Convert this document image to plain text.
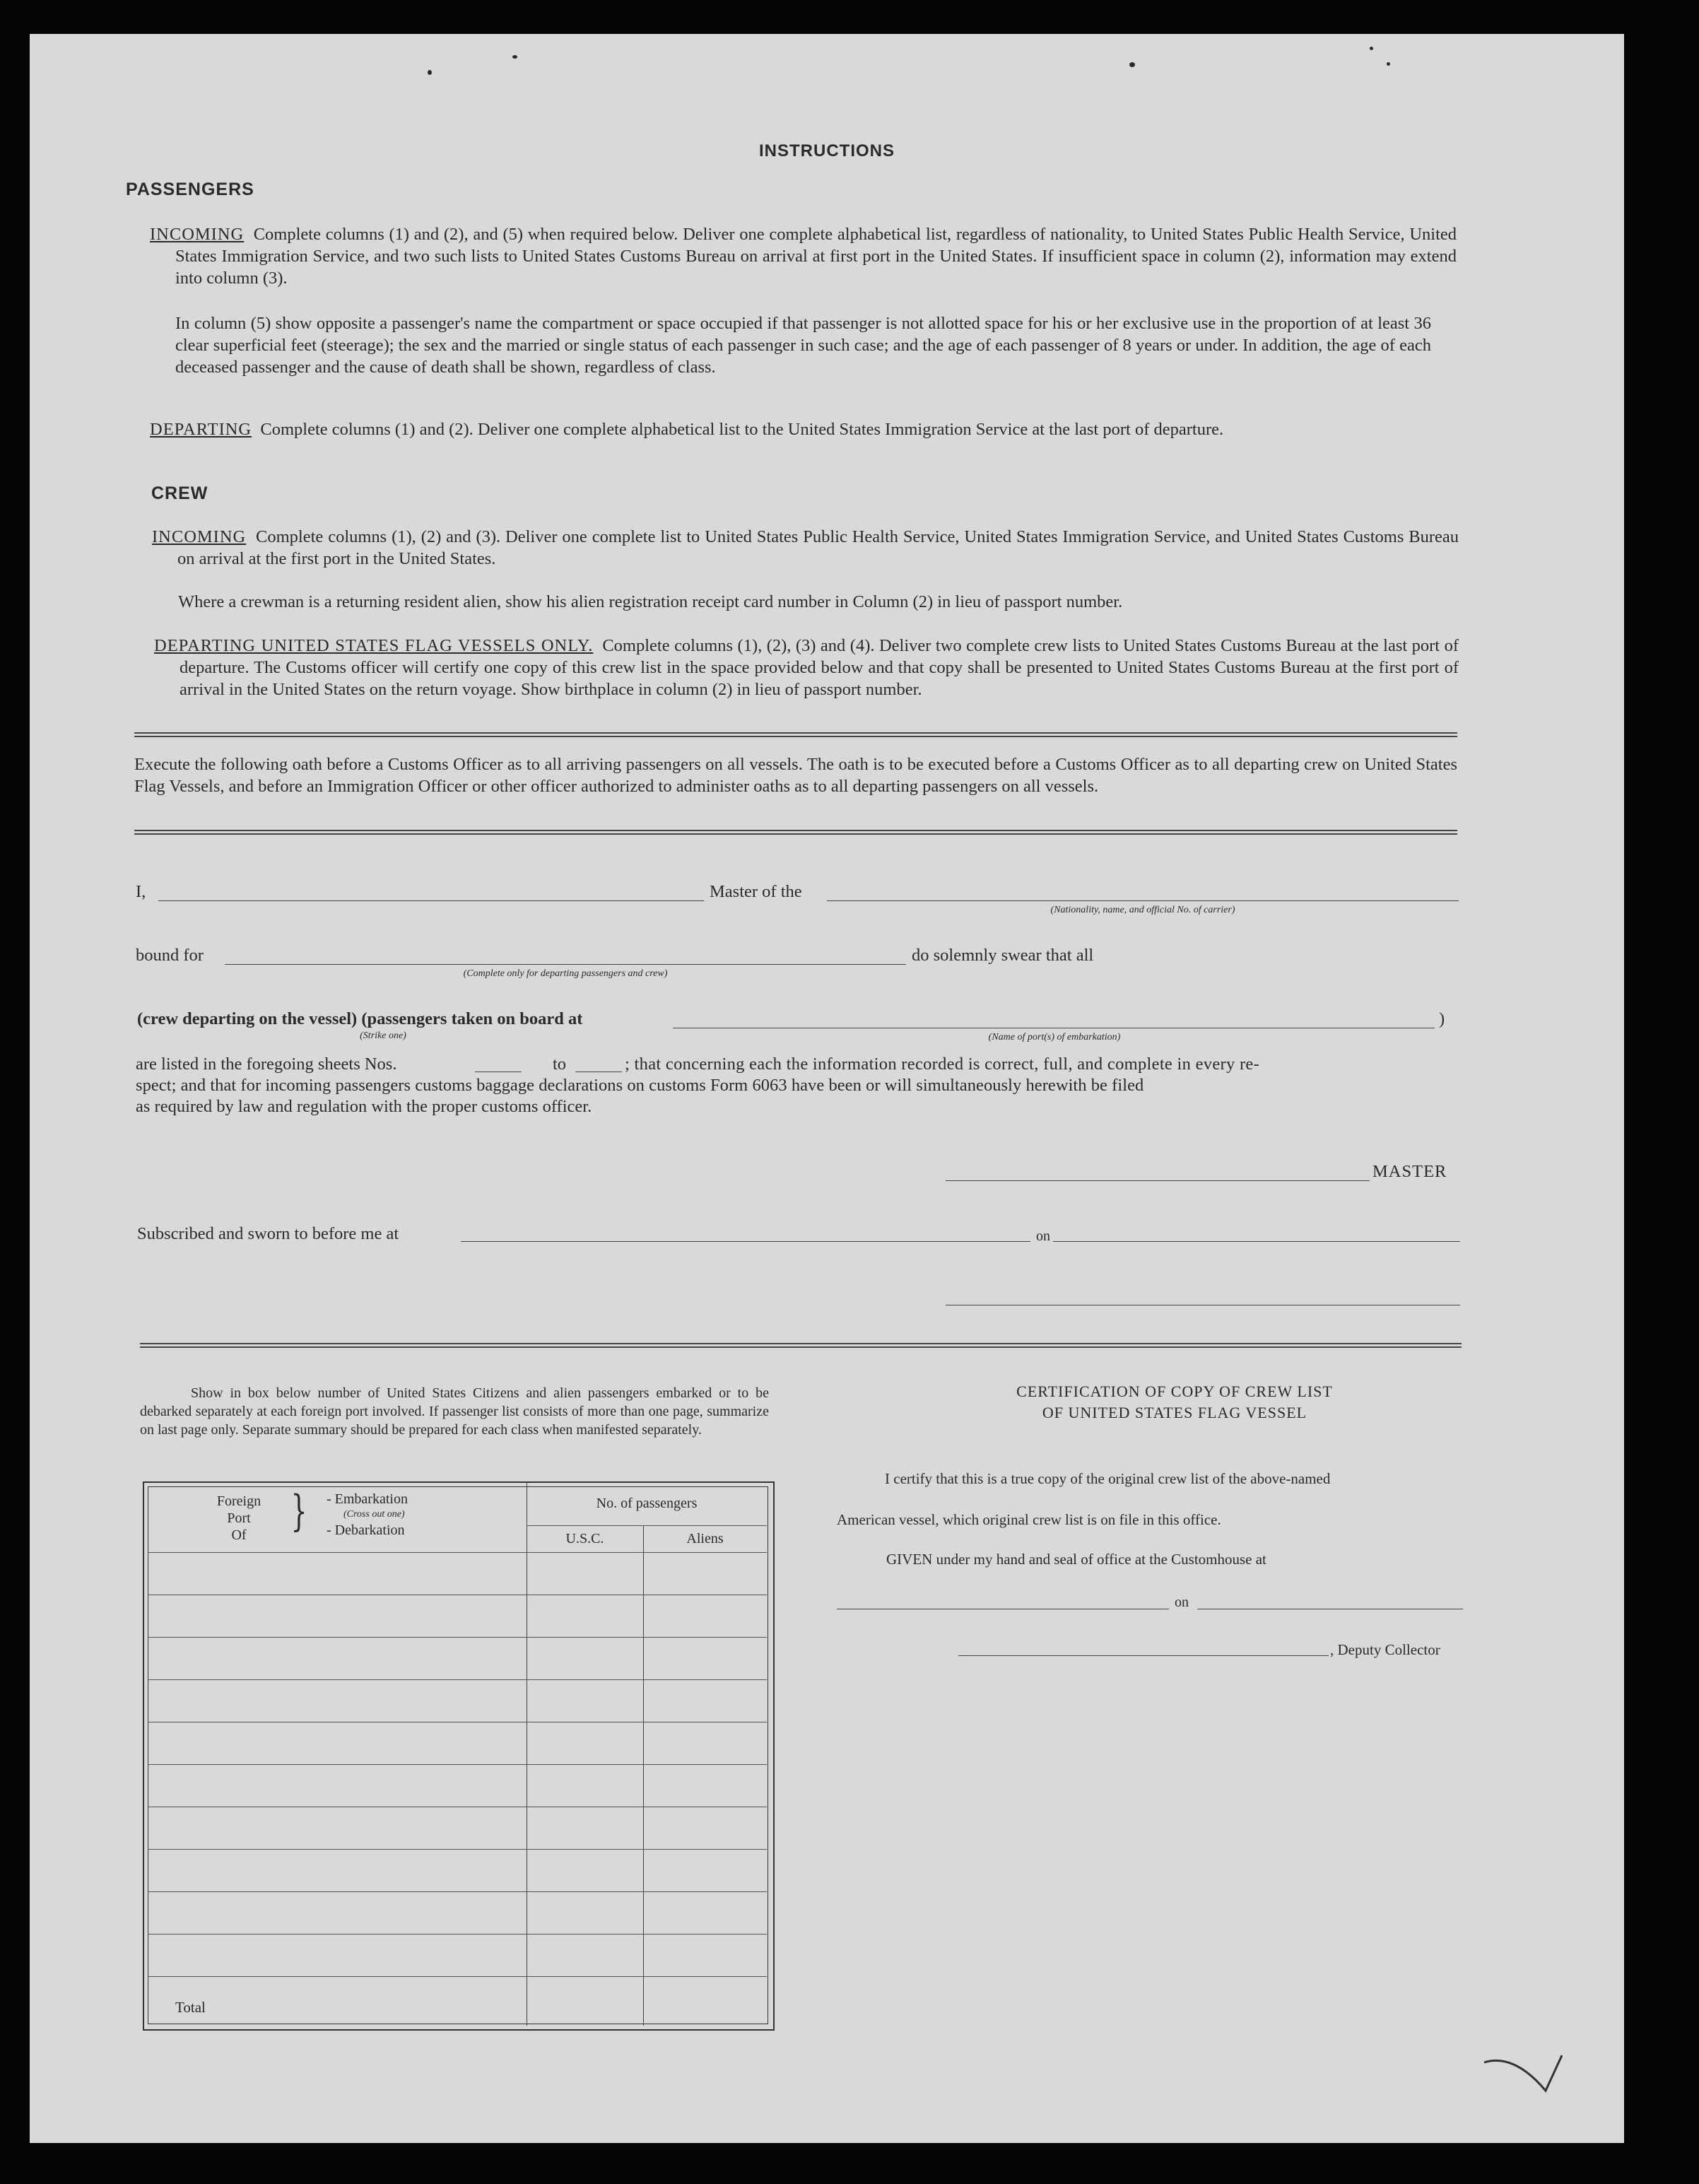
INSTRUCTIONS
PASSENGERS
INCOMING Complete columns (1) and (2), and (5) when required below. Deliver one complete alphabetical list, regardless of nationality, to United States Public Health Service, United States Immigration Service, and two such lists to United States Customs Bureau on arrival at first port in the United States. If insufficient space in column (2), information may extend into column (3).
In column (5) show opposite a passenger's name the compartment or space occupied if that passenger is not allotted space for his or her exclusive use in the proportion of at least 36 clear superficial feet (steerage); the sex and the married or single status of each passenger in such case; and the age of each passenger of 8 years or under. In addition, the age of each deceased passenger and the cause of death shall be shown, regardless of class.
DEPARTING Complete columns (1) and (2). Deliver one complete alphabetical list to the United States Immigration Service at the last port of departure.
CREW
INCOMING Complete columns (1), (2) and (3). Deliver one complete list to United States Public Health Service, United States Immigration Service, and United States Customs Bureau on arrival at the first port in the United States.
Where a crewman is a returning resident alien, show his alien registration receipt card number in Column (2) in lieu of passport number.
DEPARTING UNITED STATES FLAG VESSELS ONLY. Complete columns (1), (2), (3) and (4). Deliver two complete crew lists to United States Customs Bureau at the last port of departure. The Customs officer will certify one copy of this crew list in the space provided below and that copy shall be presented to United States Customs Bureau at the first port of arrival in the United States on the return voyage. Show birthplace in column (2) in lieu of passport number.
Execute the following oath before a Customs Officer as to all arriving passengers on all vessels. The oath is to be executed before a Customs Officer as to all departing crew on United States Flag Vessels, and before an Immigration Officer or other officer authorized to administer oaths as to all departing passengers on all vessels.
I,	Master of the
(Nationality, name, and official No. of carrier)
bound for
(Complete only for departing passengers and crew)
do solemnly swear that all
(crew departing on the vessel) (passengers taken on board at
(Strike one)	(Name of port(s) of embarkation)
)
are listed in the foregoing sheets Nos.	to	; that concerning each the information recorded is correct, full, and complete in every re-
spect; and that for incoming passengers customs baggage declarations on customs Form 6063 have been or will simultaneously herewith be filed
as required by law and regulation with the proper customs officer.
MASTER
Subscribed and sworn to before me at	on
Show in box below number of United States Citizens and alien passengers embarked or to be debarked separately at each foreign port involved. If passenger list consists of more than one page, summarize on last page only. Separate summary should be prepared for each class when manifested separately.
Foreign
Port
Of	} - Embarkation
(Cross out one)
- Debarkation
No. of passengers
U.S.C.	Aliens
Total
CERTIFICATION OF COPY OF CREW LIST
OF UNITED STATES FLAG VESSEL
I certify that this is a true copy of the original crew list of the above-named
American vessel, which original crew list is on file in this office.
GIVEN under my hand and seal of office at the Customhouse at
on
, Deputy Collector
